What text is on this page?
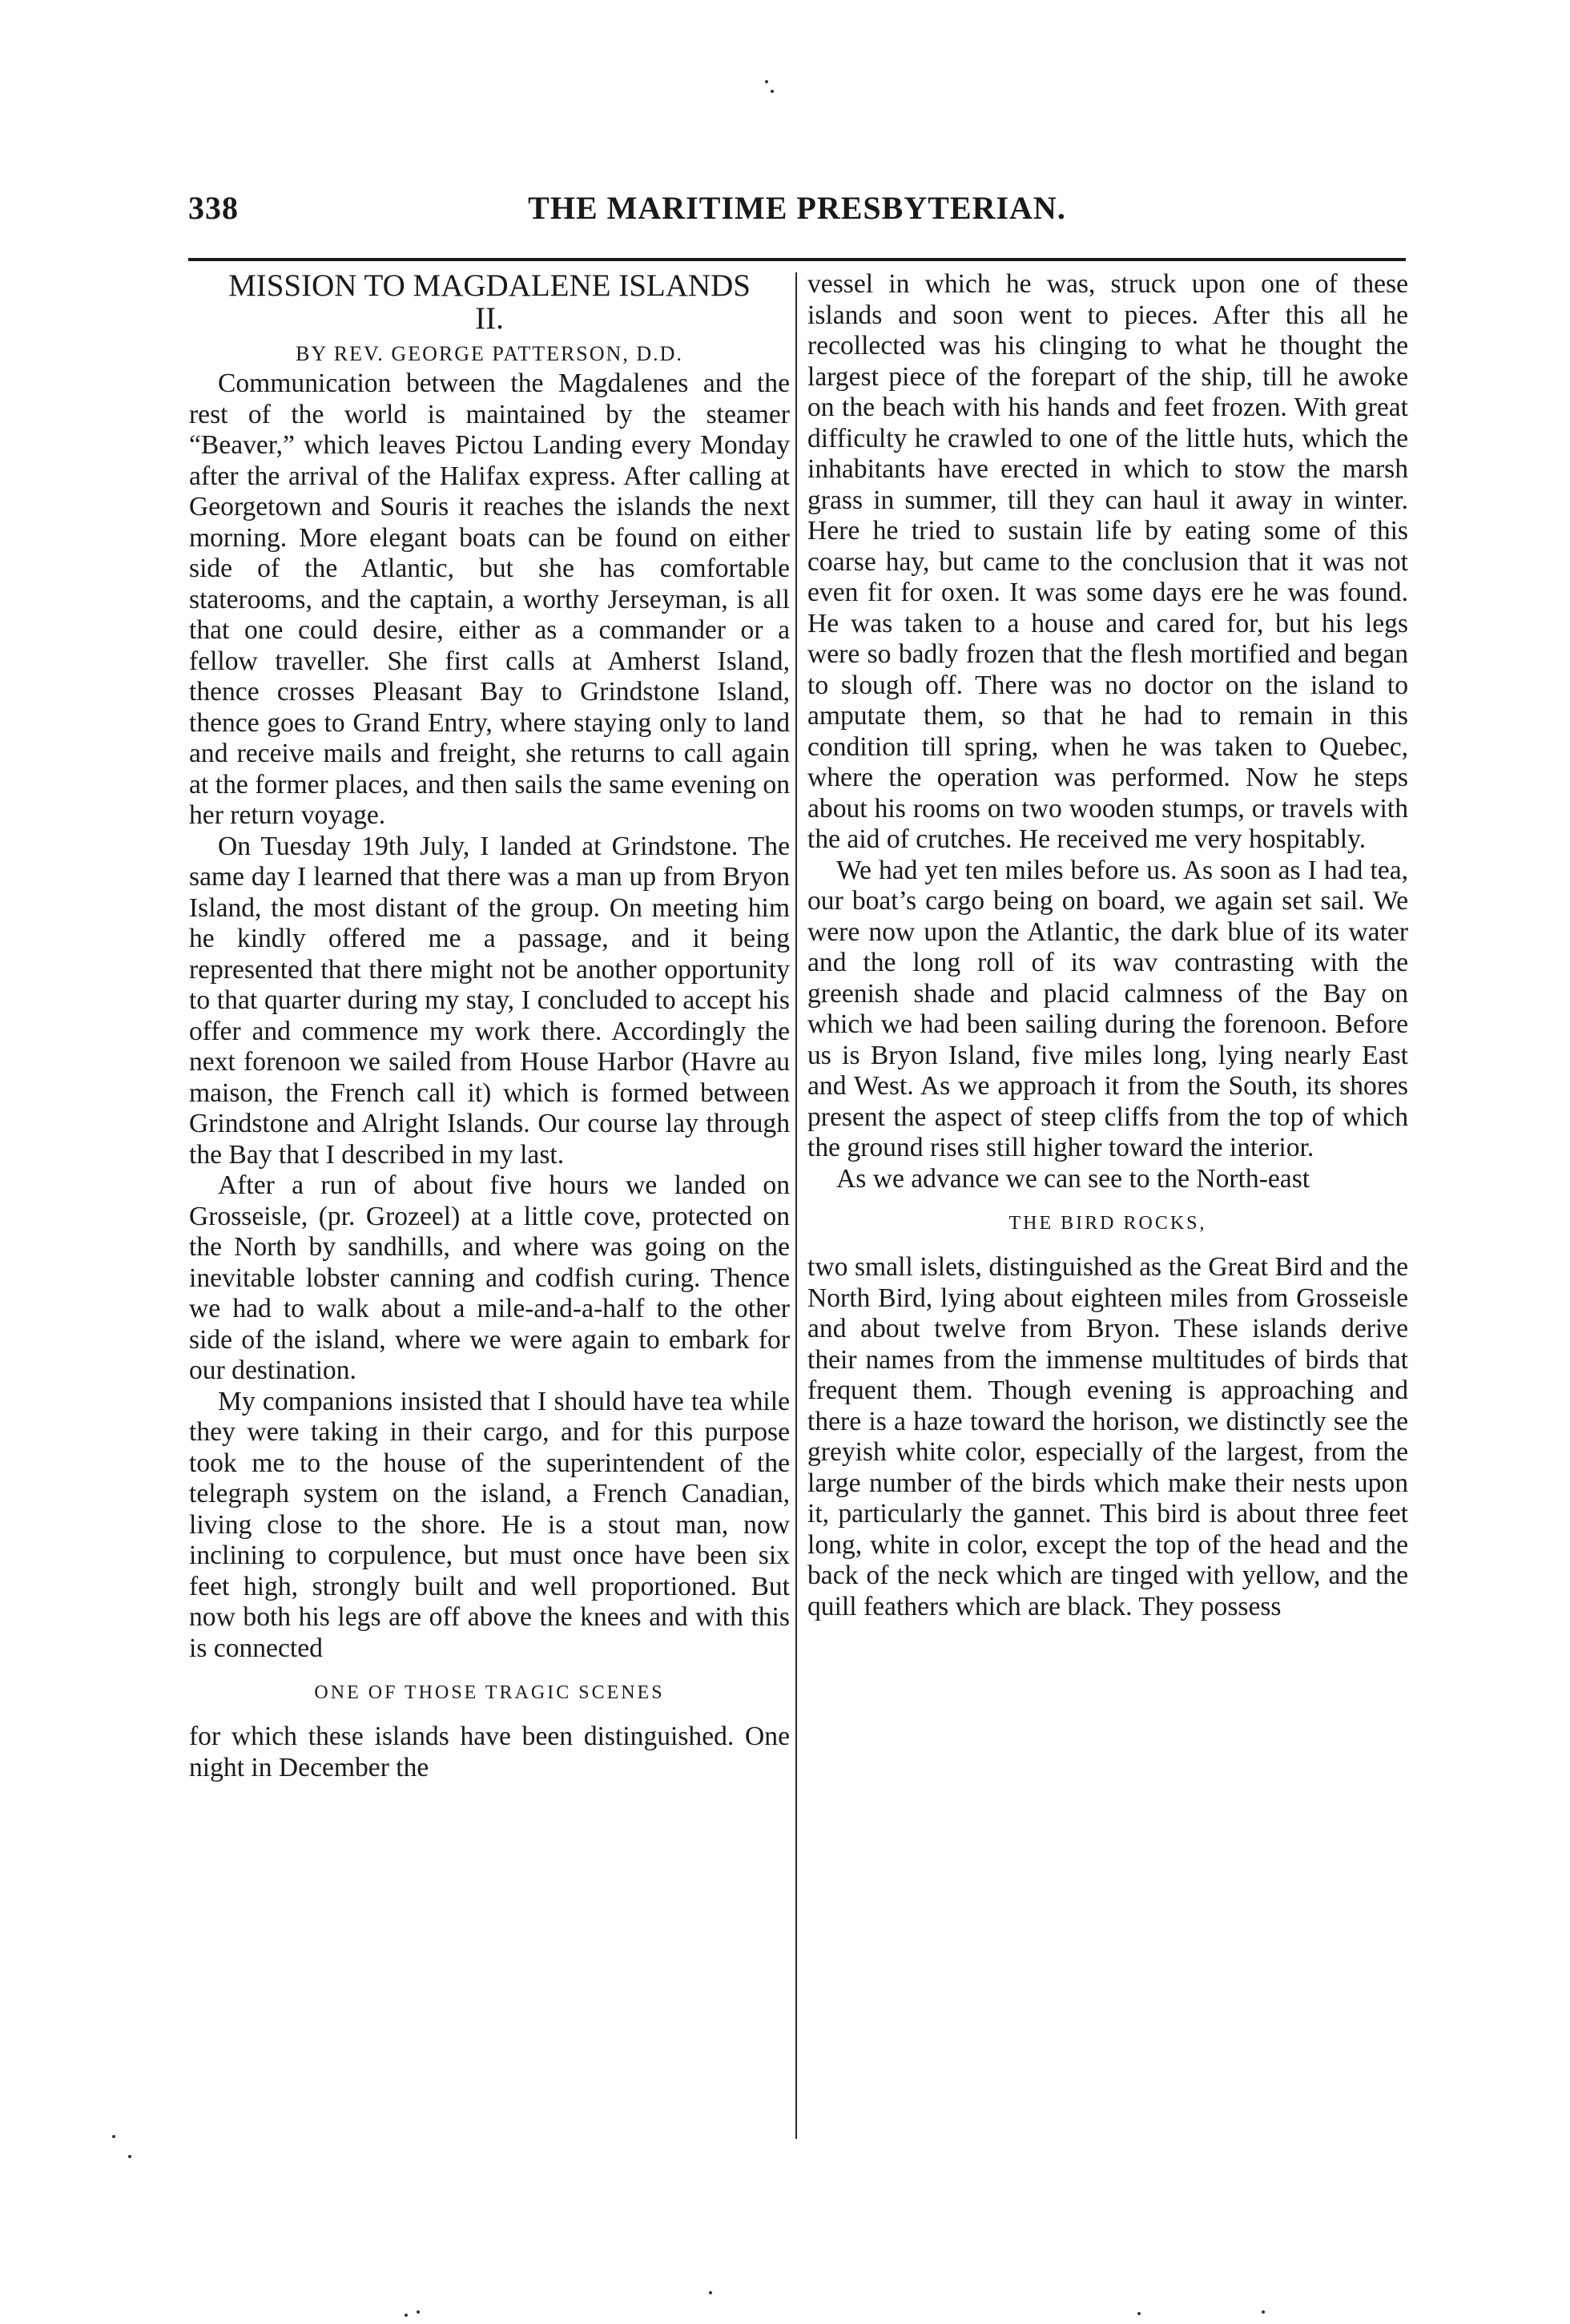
338	THE MARITIME PRESBYTERIAN.
MISSION TO MAGDALENE ISLANDS
II.
BY REV. GEORGE PATTERSON, D.D.

Communication between the Magdalenes and the rest of the world is maintained by the steamer “Beaver,” which leaves Pictou Landing every Monday after the arrival of the Halifax express. After calling at Georgetown and Souris it reaches the islands the next morning. More elegant boats can be found on either side of the Atlantic, but she has comfortable staterooms, and the captain, a worthy Jerseyman, is all that one could desire, either as a commander or a fellow traveller. She first calls at Amherst Island, thence crosses Pleasant Bay to Grindstone Island, thence goes to Grand Entry, where staying only to land and receive mails and freight, she returns to call again at the former places, and then sails the same evening on her return voyage.

On Tuesday 19th July, I landed at Grindstone. The same day I learned that there was a man up from Bryon Island, the most distant of the group. On meeting him he kindly offered me a passage, and it being represented that there might not be another opportunity to that quarter during my stay, I concluded to accept his offer and commence my work there. Accordingly the next forenoon we sailed from House Harbor (Havre au maison, the French call it) which is formed between Grindstone and Alright Islands. Our course lay through the Bay that I described in my last.

After a run of about five hours we landed on Grosseisle, (pr. Grozeel) at a little cove, protected on the North by sandhills, and where was going on the inevitable lobster canning and codfish curing. Thence we had to walk about a mile-and-a-half to the other side of the island, where we were again to embark for our destination.

My companions insisted that I should have tea while they were taking in their cargo, and for this purpose took me to the house of the superintendent of the telegraph system on the island, a French Canadian, living close to the shore. He is a stout man, now inclining to corpulence, but must once have been six feet high, strongly built and well proportioned. But now both his legs are off above the knees and with this is connected

ONE OF THOSE TRAGIC SCENES

for which these islands have been distinguished. One night in December the

vessel in which he was, struck upon one of these islands and soon went to pieces. After this all he recollected was his clinging to what he thought the largest piece of the forepart of the ship, till he awoke on the beach with his hands and feet frozen. With great difficulty he crawled to one of the little huts, which the inhabitants have erected in which to stow the marsh grass in summer, till they can haul it away in winter. Here he tried to sustain life by eating some of this coarse hay, but came to the conclusion that it was not even fit for oxen. It was some days ere he was found. He was taken to a house and cared for, but his legs were so badly frozen that the flesh mortified and began to slough off. There was no doctor on the island to amputate them, so that he had to remain in this condition till spring, when he was taken to Quebec, where the operation was performed. Now he steps about his rooms on two wooden stumps, or travels with the aid of crutches. He received me very hospitably.

We had yet ten miles before us. As soon as I had tea, our boat’s cargo being on board, we again set sail. We were now upon the Atlantic, the dark blue of its water and the long roll of its wav contrasting with the greenish shade and placid calmness of the Bay on which we had been sailing during the forenoon. Before us is Bryon Island, five miles long, lying nearly East and West. As we approach it from the South, its shores present the aspect of steep cliffs from the top of which the ground rises still higher toward the interior.

As we advance we can see to the North-east

THE BIRD ROCKS,

two small islets, distinguished as the Great Bird and the North Bird, lying about eighteen miles from Grosseisle and about twelve from Bryon. These islands derive their names from the immense multitudes of birds that frequent them. Though evening is approaching and there is a haze toward the horison, we distinctly see the greyish white color, especially of the largest, from the large number of the birds which make their nests upon it, particularly the gannet. This bird is about three feet long, white in color, except the top of the head and the back of the neck which are tinged with yellow, and the quill feathers which are black. They possess
